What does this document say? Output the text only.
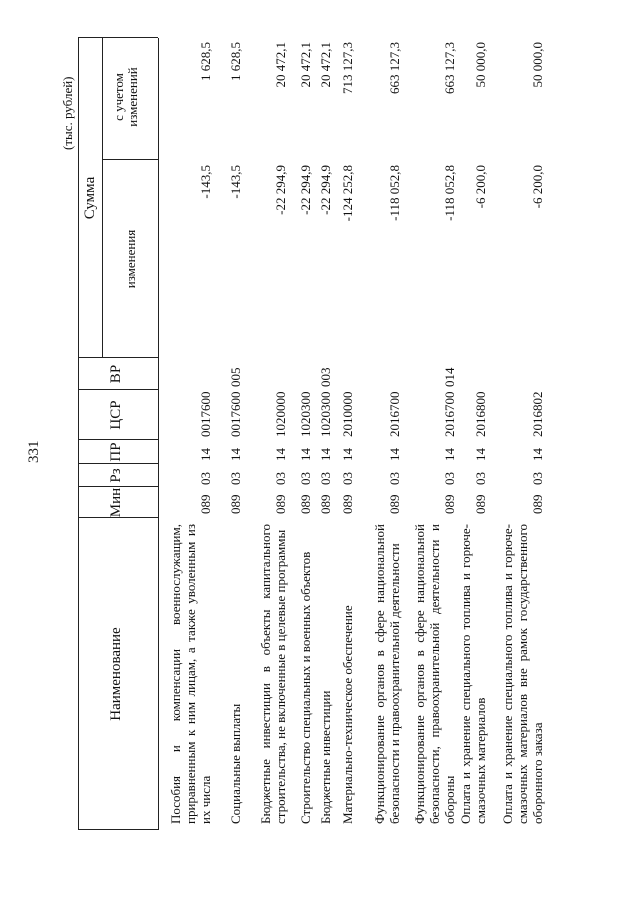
331
(тыс. рублей)
Наименование
Мин
Рз
ПР
ЦСР
ВР
Сумма
изменения
с учетом изменений
Пособия и компенсации военнослужащим, приравненным к ним лицам, а также уволенным из их числа
089
03
14
0017600
-143,5
1 628,5
Социальные выплаты
089
03
14
0017600
005
-143,5
1 628,5
Бюджетные инвестиции в объекты капитального строительства, не включенные в целевые программы
089
03
14
1020000
-22 294,9
20 472,1
Строительство специальных и военных объектов
089
03
14
1020300
-22 294,9
20 472,1
Бюджетные инвестиции
089
03
14
1020300
003
-22 294,9
20 472,1
Материально-техническое обеспечение
089
03
14
2010000
-124 252,8
713 127,3
Функционирование органов в сфере национальной безопасности и правоохранительной деятельности
089
03
14
2016700
-118 052,8
663 127,3
Функционирование органов в сфере национальной безопасности, правоохранительной деятельности и обороны
089
03
14
2016700
014
-118 052,8
663 127,3
Оплата и хранение специального топлива и горюче-смазочных материалов
089
03
14
2016800
-6 200,0
50 000,0
Оплата и хранение специального топлива и горюче-смазочных материалов вне рамок государственного оборонного заказа
089
03
14
2016802
-6 200,0
50 000,0
